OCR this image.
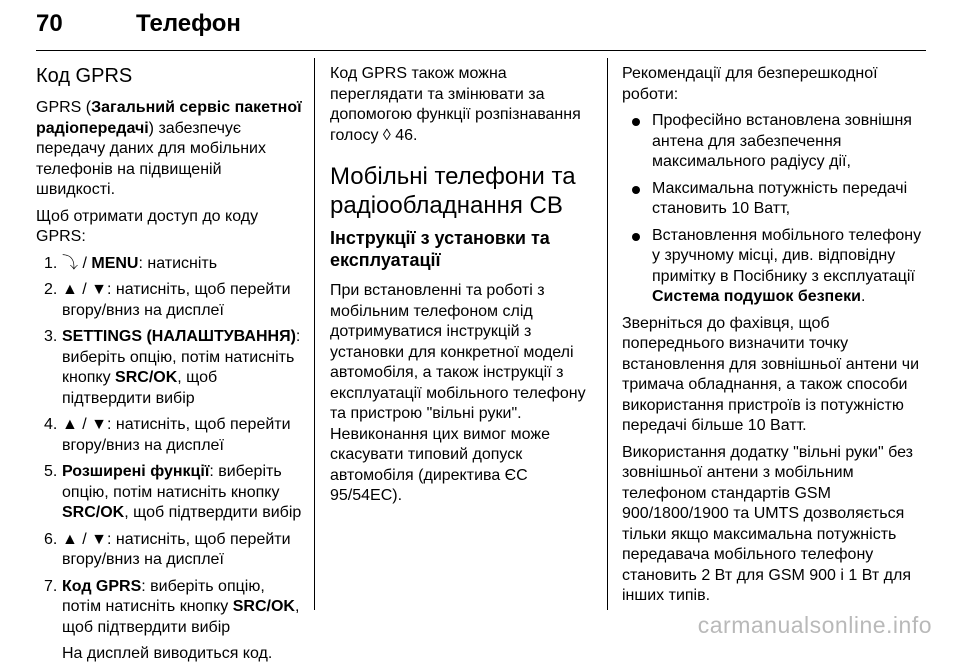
70	Телефон
Код GPRS

GPRS (Загальний сервіс пакетної радіопередачі) забезпечує передачу даних для мобільних телефонів на підвищеній швидкості.

Щоб отримати доступ до коду GPRS:

1. ⤵ / MENU: натисніть
2. ▲ / ▼: натисніть, щоб перейти вгору/вниз на дисплеї
3. SETTINGS (НАЛАШТУВАННЯ): виберіть опцію, потім натисніть кнопку SRC/OK, щоб підтвердити вибір
4. ▲ / ▼: натисніть, щоб перейти вгору/вниз на дисплеї
5. Розширені функції: виберіть опцію, потім натисніть кнопку SRC/OK, щоб підтвердити вибір
6. ▲ / ▼: натисніть, щоб перейти вгору/вниз на дисплеї
7. Код GPRS: виберіть опцію, потім натисніть кнопку SRC/OK, щоб підтвердити вибір

На дисплей виводиться код.

Код GPRS також можна переглядати та змінювати за допомогою функції розпізнавання голосу ◊ 46.

Мобільні телефони та радіообладнання СВ
Інструкції з установки та експлуатації

При встановленні та роботі з мобільним телефоном слід дотримуватися інструкцій з установки для конкретної моделі автомобіля, а також інструкції з експлуатації мобільного телефону та пристрою "вільні руки". Невиконання цих вимог може скасувати типовий допуск автомобіля (директива ЄС 95/54ЕС).

Рекомендації для безперешкодної роботи:

Професійно встановлена зовнішня антена для забезпечення максимального радіусу дії,
Максимальна потужність передачі становить 10 Ватт,
Встановлення мобільного телефону у зручному місці, див. відповідну примітку в Посібнику з експлуатації Система подушок безпеки.

Зверніться до фахівця, щоб попереднього визначити точку встановлення для зовнішньої антени чи тримача обладнання, а також способи використання пристроїв із потужністю передачі більше 10 Ватт.

Використання додатку "вільні руки" без зовнішньої антени з мобільним телефоном стандартів GSM 900/1800/1900 та UMTS дозволяється тільки якщо максимальна потужність передавача мобільного телефону становить 2 Вт для GSM 900 і 1 Вт для інших типів.

carmanualsonline.info
